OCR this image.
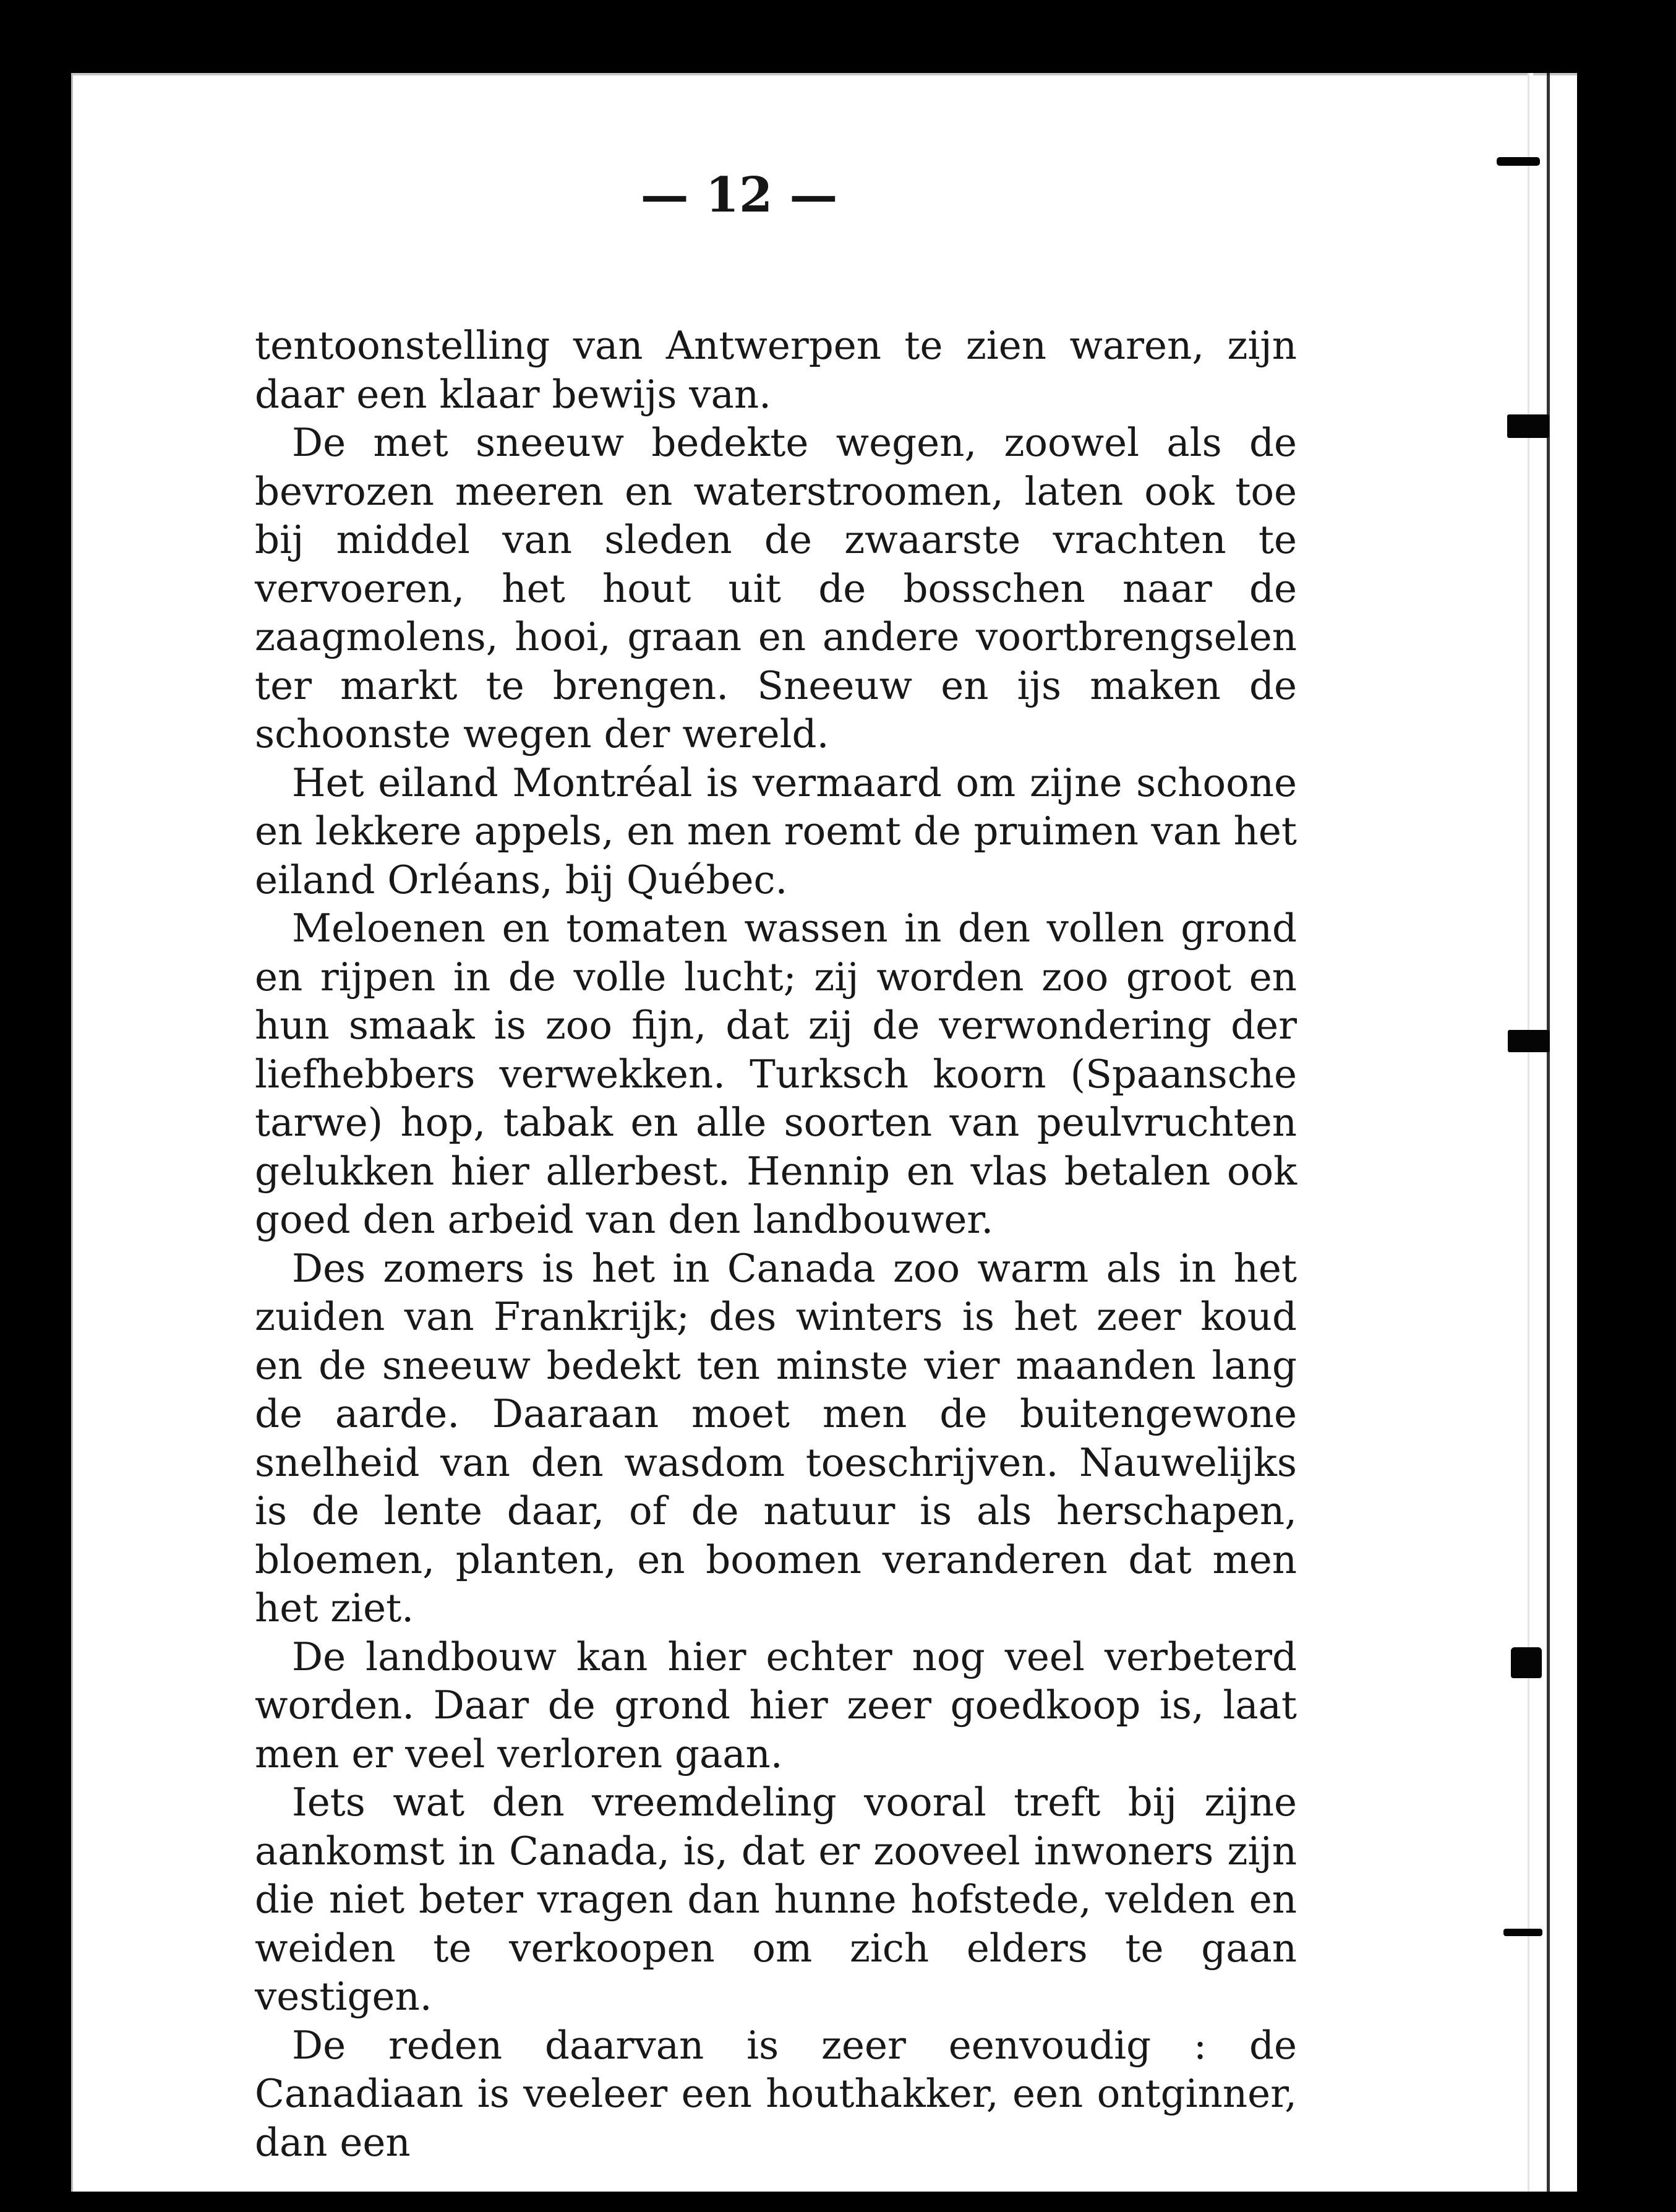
— 12 —

tentoonstelling van Antwerpen te zien waren, zijn daar een klaar bewijs van.

De met sneeuw bedekte wegen, zoowel als de bevrozen meeren en waterstroomen, laten ook toe bij middel van sleden de zwaarste vrachten te vervoeren, het hout uit de bosschen naar de zaagmolens, hooi, graan en andere voortbrengselen ter markt te brengen. Sneeuw en ijs maken de schoonste wegen der wereld.

Het eiland Montréal is vermaard om zijne schoone en lekkere appels, en men roemt de pruimen van het eiland Orléans, bij Québec.

Meloenen en tomaten wassen in den vollen grond en rijpen in de volle lucht; zij worden zoo groot en hun smaak is zoo fijn, dat zij de verwondering der liefhebbers verwekken. Turksch koorn (Spaansche tarwe) hop, tabak en alle soorten van peulvruchten gelukken hier allerbest. Hennip en vlas betalen ook goed den arbeid van den landbouwer.

Des zomers is het in Canada zoo warm als in het zuiden van Frankrijk; des winters is het zeer koud en de sneeuw bedekt ten minste vier maanden lang de aarde. Daaraan moet men de buitengewone snelheid van den wasdom toeschrijven. Nauwelijks is de lente daar, of de natuur is als herschapen, bloemen, planten, en boomen veranderen dat men het ziet.

De landbouw kan hier echter nog veel verbeterd worden. Daar de grond hier zeer goedkoop is, laat men er veel verloren gaan.

Iets wat den vreemdeling vooral treft bij zijne aankomst in Canada, is, dat er zooveel inwoners zijn die niet beter vragen dan hunne hofstede, velden en weiden te verkoopen om zich elders te gaan vestigen.

De reden daarvan is zeer eenvoudig : de Canadiaan is veeleer een houthakker, een ontginner, dan een
